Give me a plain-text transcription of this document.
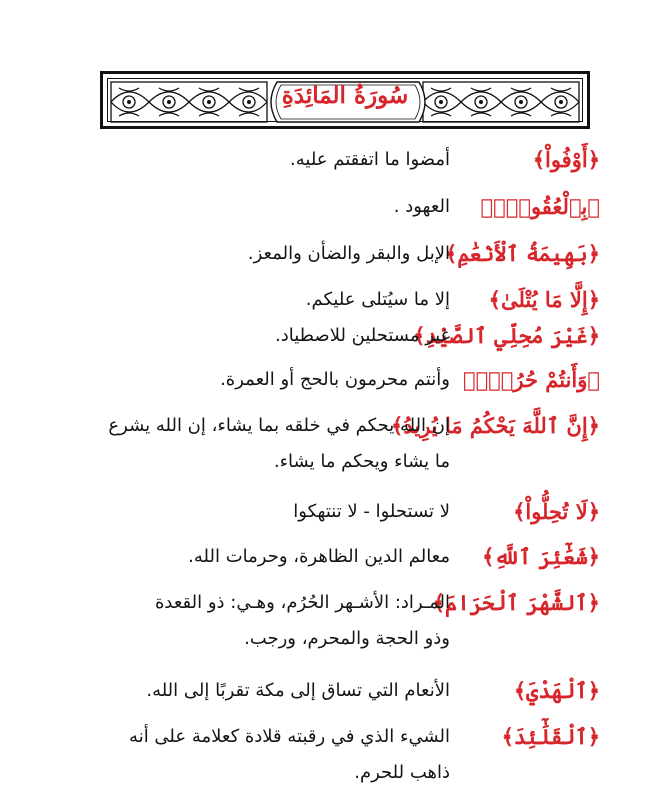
سُورَةُ المَائِدَةِ
﴿أَوْفُواْ﴾
أمضوا ما اتفقتم عليه.
﴿بِٱلْعُقُودِۚ﴾
العهود .
﴿بَهِيمَةُ ٱلْأَنْعَٰمِ﴾
الإبل والبقر والضأن والمعز.
﴿إِلَّا مَا يُتْلَىٰ﴾
إلا ما سيُتلى عليكم.
﴿غَيْرَ مُحِلِّي ٱلصَّيْدِ﴾
غير مستحلين للاصطياد.
﴿وَأَنتُمْ حُرُمٌۗ﴾
وأنتم محرمون بالحج أو العمرة.
﴿إِنَّ ٱللَّهَ يَحْكُمُ مَا يُرِيدُ﴾
إن الله يحكم في خلقه بما يشاء، إن الله يشرع
ما يشاء ويحكم ما يشاء.
﴿لَا تُحِلُّواْ﴾
لا تستحلوا - لا تنتهكوا
﴿شَعَٰٓئِرَ ٱللَّهِ﴾
معالم الدين الظاهرة، وحرمات الله.
﴿ٱلشَّهْرَ ٱلْحَرَامَ﴾
المـراد: الأشـهر الحُرُم، وهـي: ذو القعدة
وذو الحجة والمحرم، ورجب.
﴿ٱلْهَدْيَ﴾
الأنعام التي تساق إلى مكة تقربًا إلى الله.
﴿ٱلْقَلَٰٓئِدَ﴾
الشيء الذي في رقبته قلادة كعلامة على أنه
ذاهب للحرم.
